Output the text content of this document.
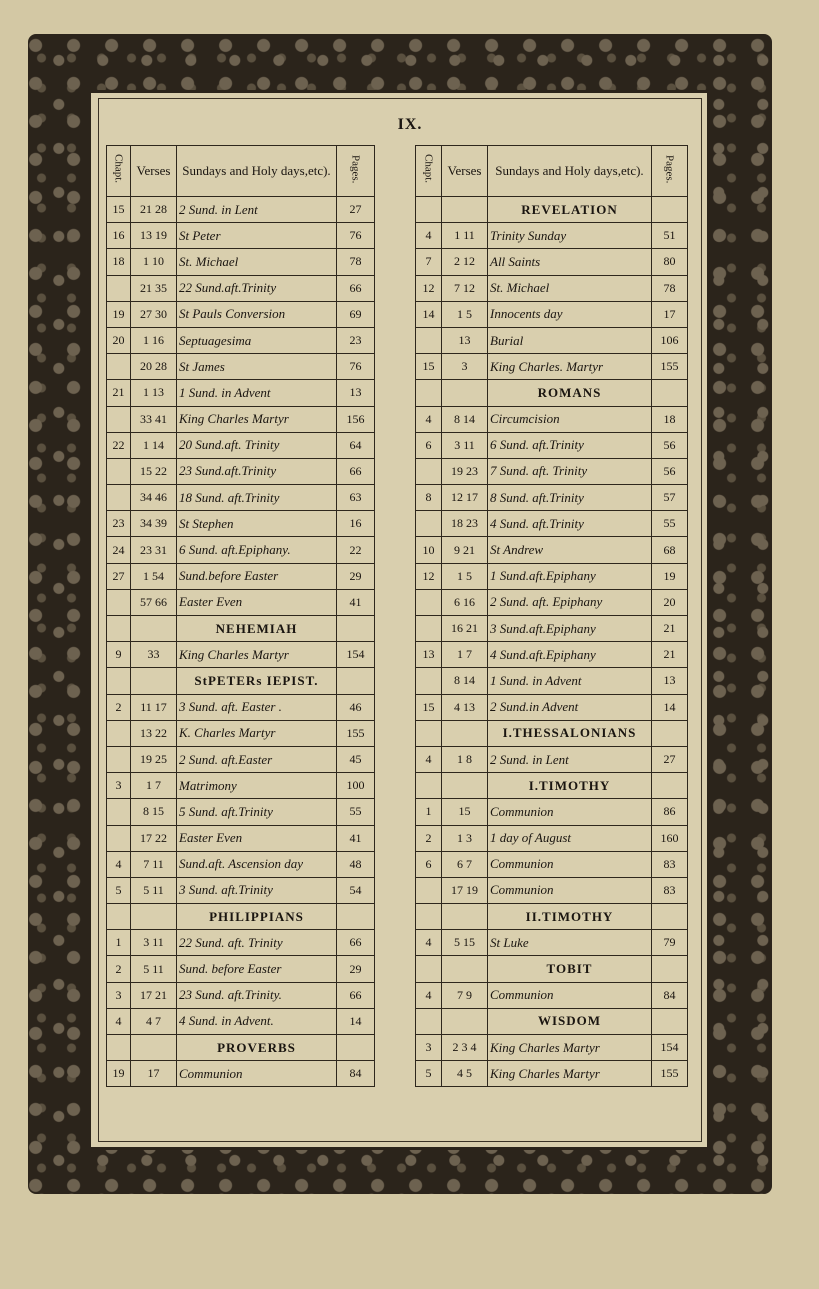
IX.
Chapt.	Verses	Sundays and Holy days,etc).	Pages.
15	21 28	2 Sund. in Lent	27
16	13 19	St Peter	76
18	1 10	St. Michael	78
	21 35	22 Sund.aft.Trinity	66
19	27 30	St Pauls Conversion	69
20	1 16	Septuagesima	23
	20 28	St James	76
21	1 13	1 Sund. in Advent	13
	33 41	King Charles Martyr	156
22	1 14	20 Sund.aft. Trinity	64
	15 22	23 Sund.aft.Trinity	66
	34 46	18 Sund. aft.Trinity	63
23	34 39	St Stephen	16
24	23 31	6 Sund. aft.Epiphany.	22
27	1 54	Sund.before Easter	29
	57 66	Easter Even	41
		NEHEMIAH	
9	33	King Charles Martyr	154
		StPETERs IEPIST.	
2	11 17	3 Sund. aft. Easter .	46
	13 22	K. Charles Martyr	155
	19 25	2 Sund. aft.Easter	45
3	1 7	Matrimony	100
	8 15	5 Sund. aft.Trinity	55
	17 22	Easter Even	41
4	7 11	Sund.aft. Ascension day	48
5	5 11	3 Sund. aft.Trinity	54
		PHILIPPIANS	
1	3 11	22 Sund. aft. Trinity	66
2	5 11	Sund. before Easter	29
3	17 21	23 Sund. aft.Trinity.	66
4	4 7	4 Sund. in Advent.	14
		PROVERBS	
19	17	Communion	84
Chapt.	Verses	Sundays and Holy days,etc).	Pages.
		REVELATION	
4	1 11	Trinity Sunday	51
7	2 12	All Saints	80
12	7 12	St. Michael	78
14	1 5	Innocents day	17
	13	Burial	106
15	3	King Charles. Martyr	155
		ROMANS	
4	8 14	Circumcision	18
6	3 11	6 Sund. aft.Trinity	56
	19 23	7 Sund. aft. Trinity	56
8	12 17	8 Sund. aft.Trinity	57
	18 23	4 Sund. aft.Trinity	55
10	9 21	St Andrew	68
12	1 5	1 Sund.aft.Epiphany	19
	6 16	2 Sund. aft. Epiphany	20
	16 21	3 Sund.aft.Epiphany	21
13	1 7	4 Sund.aft.Epiphany	21
	8 14	1 Sund. in Advent	13
15	4 13	2 Sund.in Advent	14
		I.THESSALONIANS	
4	1 8	2 Sund. in Lent	27
		I.TIMOTHY	
1	15	Communion	86
2	1 3	1 day of August	160
6	6 7	Communion	83
	17 19	Communion	83
		II.TIMOTHY	
4	5 15	St Luke	79
		TOBIT	
4	7 9	Communion	84
		WISDOM	
3	2 3 4	King Charles Martyr	154
5	4 5	King Charles Martyr	155
